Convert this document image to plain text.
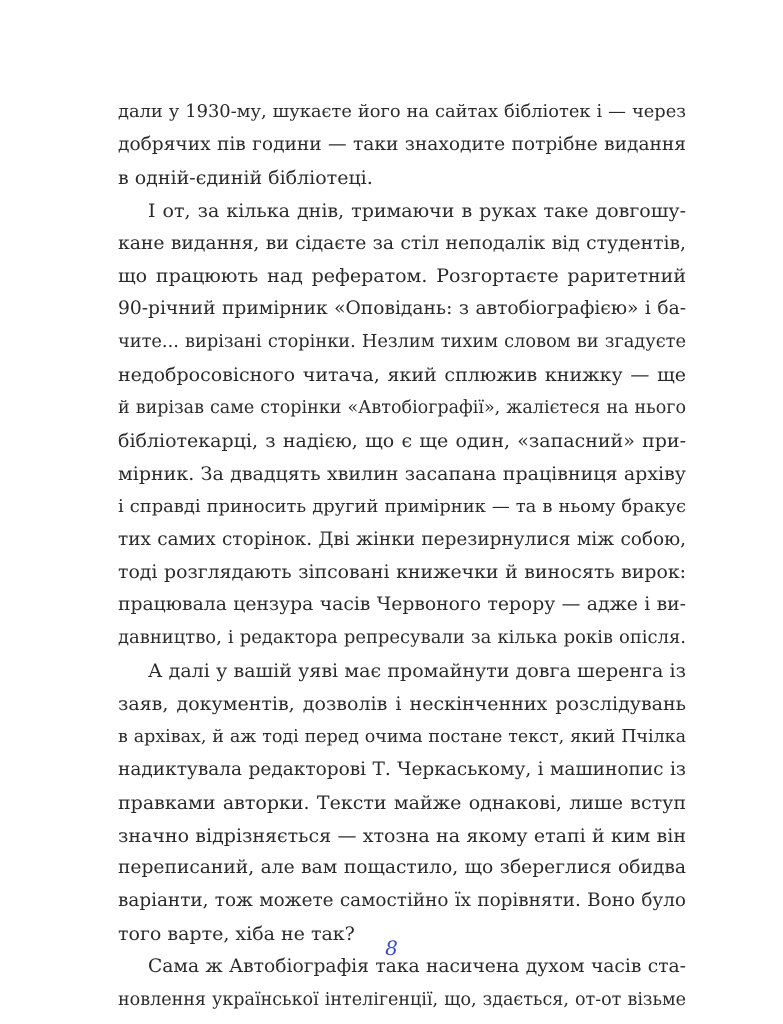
дали у 1930-му, шукаєте його на сайтах бібліотек і — через
добрячих пів години — таки знаходите потрібне видання
в одній-єдиній бібліотеці.
І от, за кілька днів, тримаючи в руках таке довгошу-
кане видання, ви сідаєте за стіл неподалік від студентів,
що працюють над рефератом. Розгортаєте раритетний
90-річний примірник «Оповідань: з автобіографією» і ба-
чите... вирізані сторінки. Незлим тихим словом ви згадуєте
недобросовісного читача, який сплюжив книжку — ще
й вирізав саме сторінки «Автобіографії», жалієтеся на нього
бібліотекарці, з надією, що є ще один, «запасний» при-
мірник. За двадцять хвилин засапана працівниця архіву
і справді приносить другий примірник — та в ньому бракує
тих самих сторінок. Дві жінки перезирнулися між собою,
тоді розглядають зіпсовані книжечки й виносять вирок:
працювала цензура часів Червоного терору — адже і ви-
давництво, і редактора репресували за кілька років опісля.
А далі у вашій уяві має промайнути довга шеренга із
заяв, документів, дозволів і нескінченних розслідувань
в архівах, й аж тоді перед очима постане текст, який Пчілка
надиктувала редакторові Т. Черкаському, і машинопис із
правками авторки. Тексти майже однакові, лише вступ
значно відрізняється — хтозна на якому етапі й ким він
переписаний, але вам пощастило, що збереглися обидва
варіанти, тож можете самостійно їх порівняти. Воно було
того варте, хіба не так?
Сама ж Автобіографія така насичена духом часів ста-
новлення української інтелігенції, що, здається, от-от візьме
8
